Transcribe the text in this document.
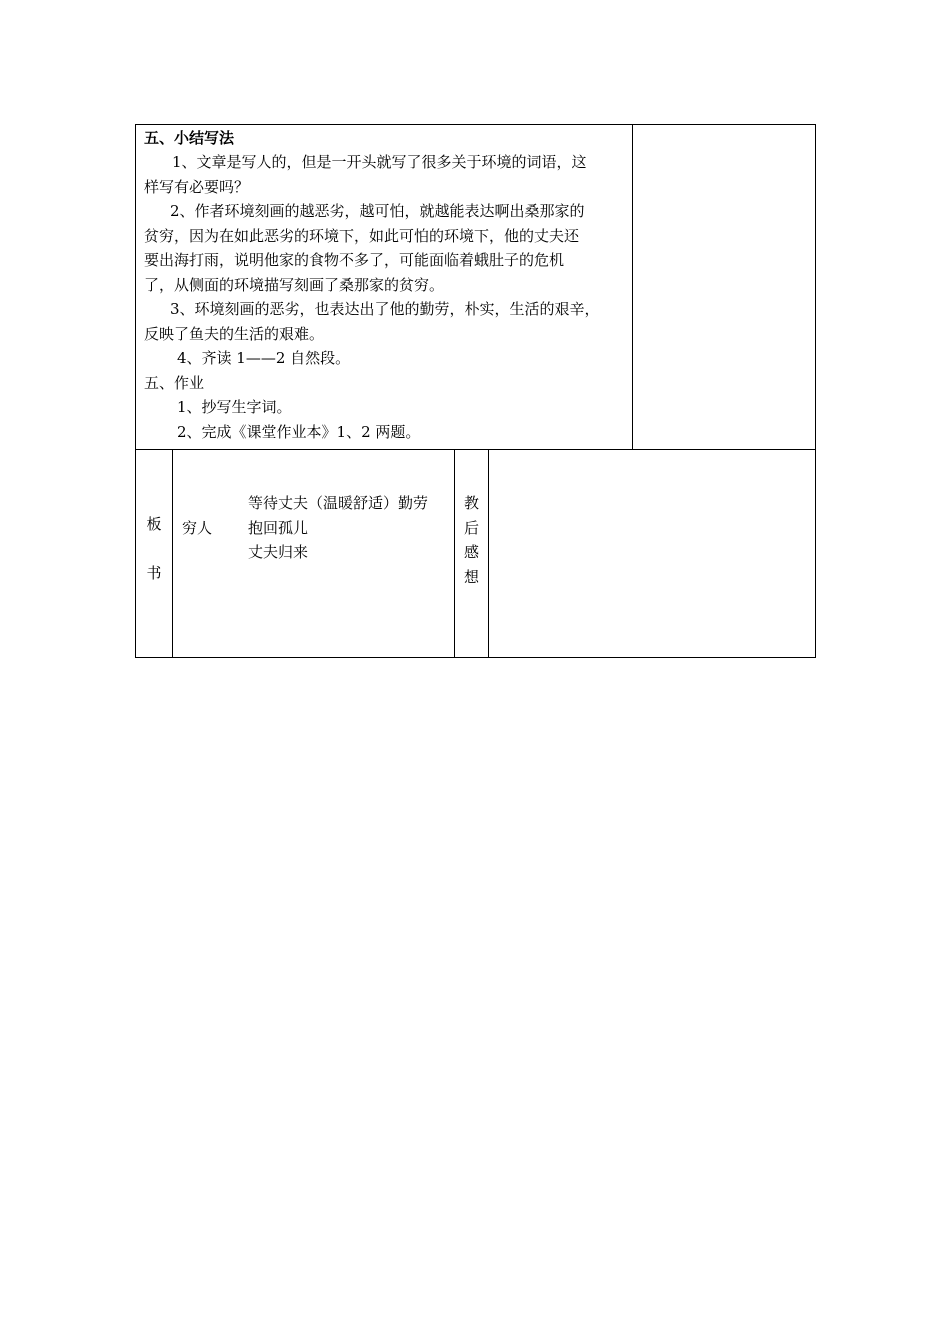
五、小结写法
1、文章是写人的，但是一开头就写了很多关于环境的词语，这
样写有必要吗？
2、作者环境刻画的越恶劣，越可怕，就越能表达啊出桑那家的
贫穷，因为在如此恶劣的环境下，如此可怕的环境下，他的丈夫还
要出海打雨，说明他家的食物不多了，可能面临着蛾肚子的危机
了，从侧面的环境描写刻画了桑那家的贫穷。
3、环境刻画的恶劣，也表达出了他的勤劳，朴实，生活的艰辛，
反映了鱼夫的生活的艰难。
4、齐读 1——2 自然段。
五、作业
1、抄写生字词。
2、完成《课堂作业本》1、2 两题。
板
书
穷人
等待丈夫（温暖舒适）勤劳
抱回孤儿
丈夫归来
教
后
感
想
